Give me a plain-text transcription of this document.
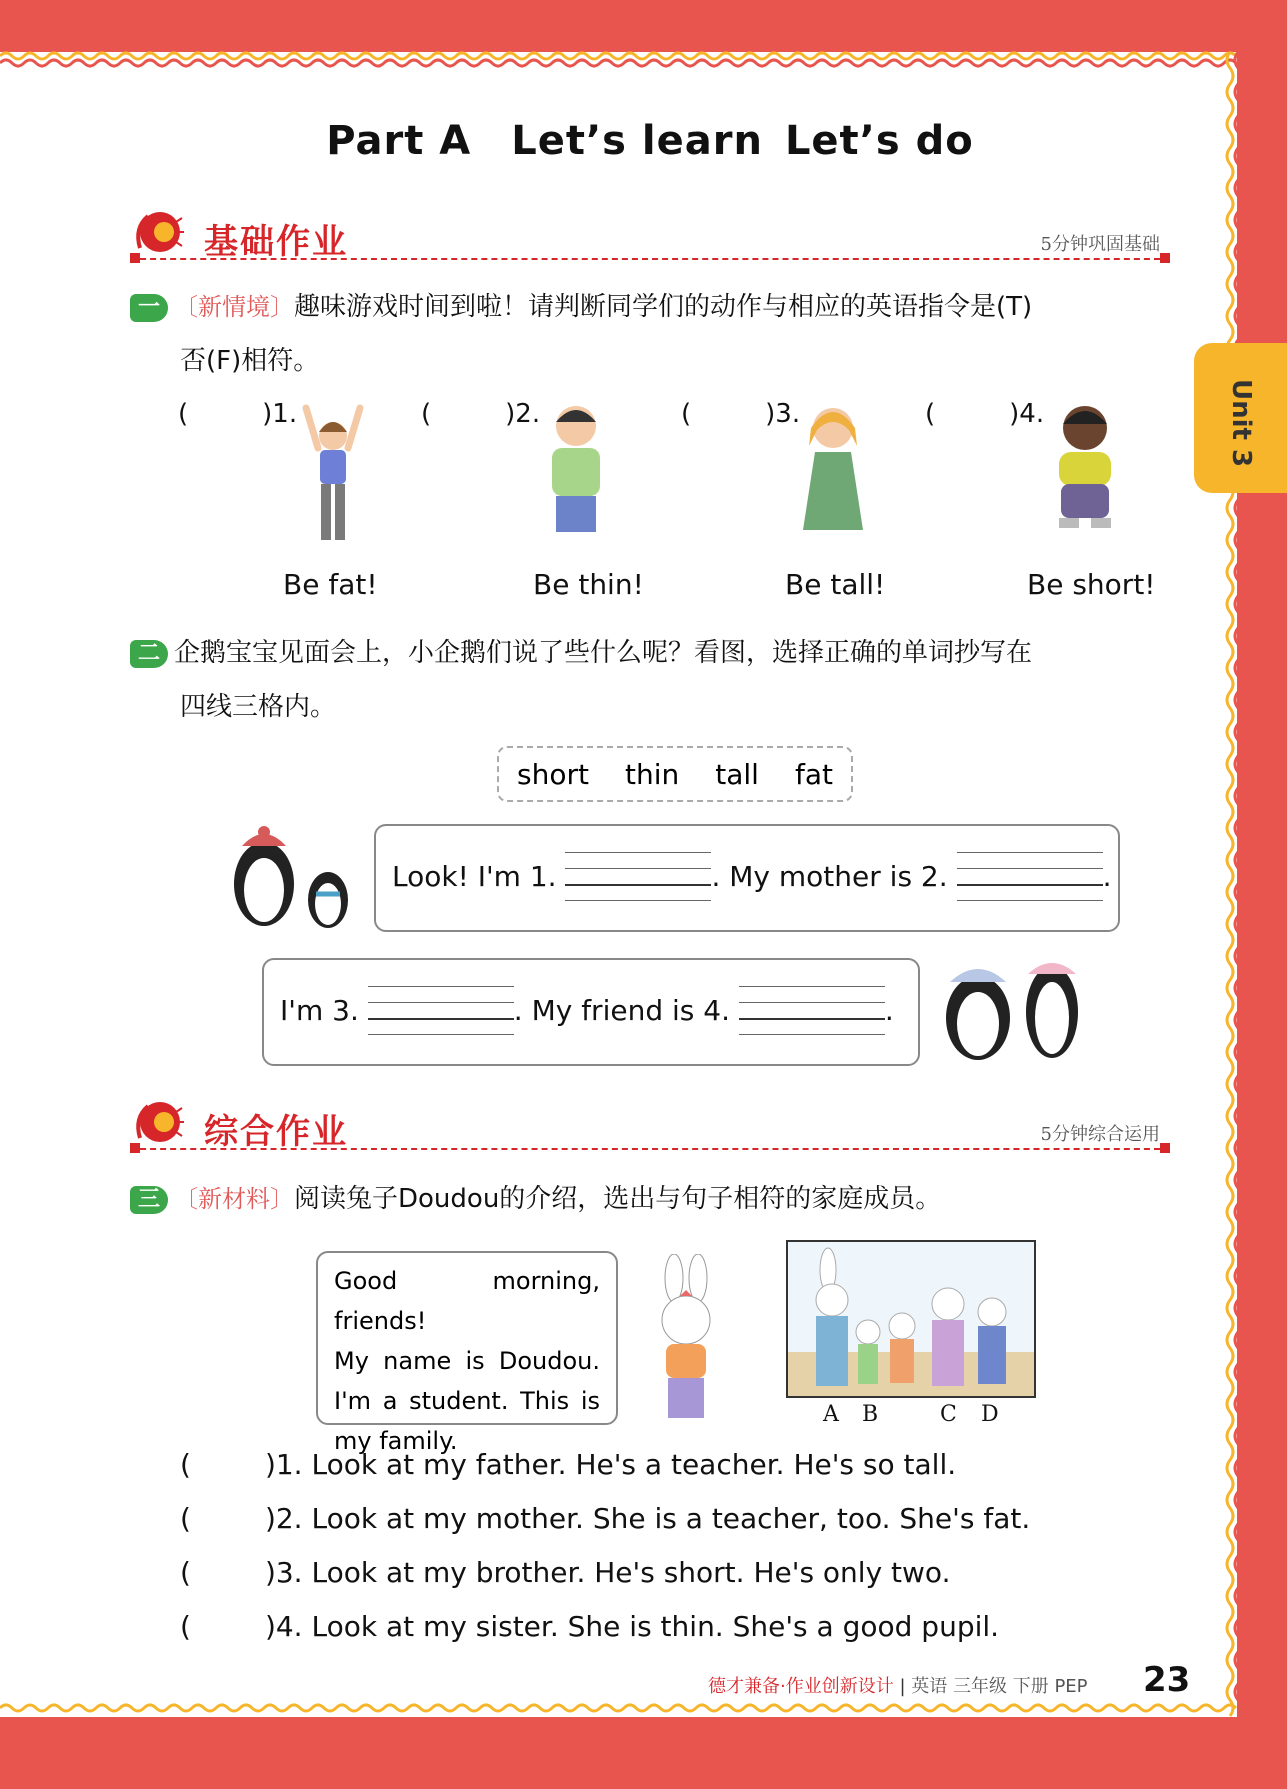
Unit 3
Part A Let’s learn Let’s do
基础作业	5分钟巩固基础
一 〔新情境〕趣味游戏时间到啦！请判断同学们的动作与相应的英语指令是(T)
否(F)相符。
(	)1.	(	)2.	(	)3.	(	)4.
Be fat!	Be thin!	Be tall!	Be short!
二 企鹅宝宝见面会上，小企鹅们说了些什么呢？看图，选择正确的单词抄写在
四线三格内。
short thin tall fat
Look! I'm 1.	. My mother is 2.	.
I'm 3.	. My friend is 4.	.
综合作业	5分钟综合运用
三 〔新材料〕阅读兔子Doudou的介绍，选出与句子相符的家庭成员。
Good morning, friends!
My name is Doudou.
I'm a student. This is
my family.
A B	C D
(	)1. Look at my father. He's a teacher. He's so tall.
(	)2. Look at my mother. She is a teacher, too. She's fat.
(	)3. Look at my brother. He's short. He's only two.
(	)4. Look at my sister. She is thin. She's a good pupil.
德才兼备·作业创新设计 | 英语 三年级 下册 PEP 23
